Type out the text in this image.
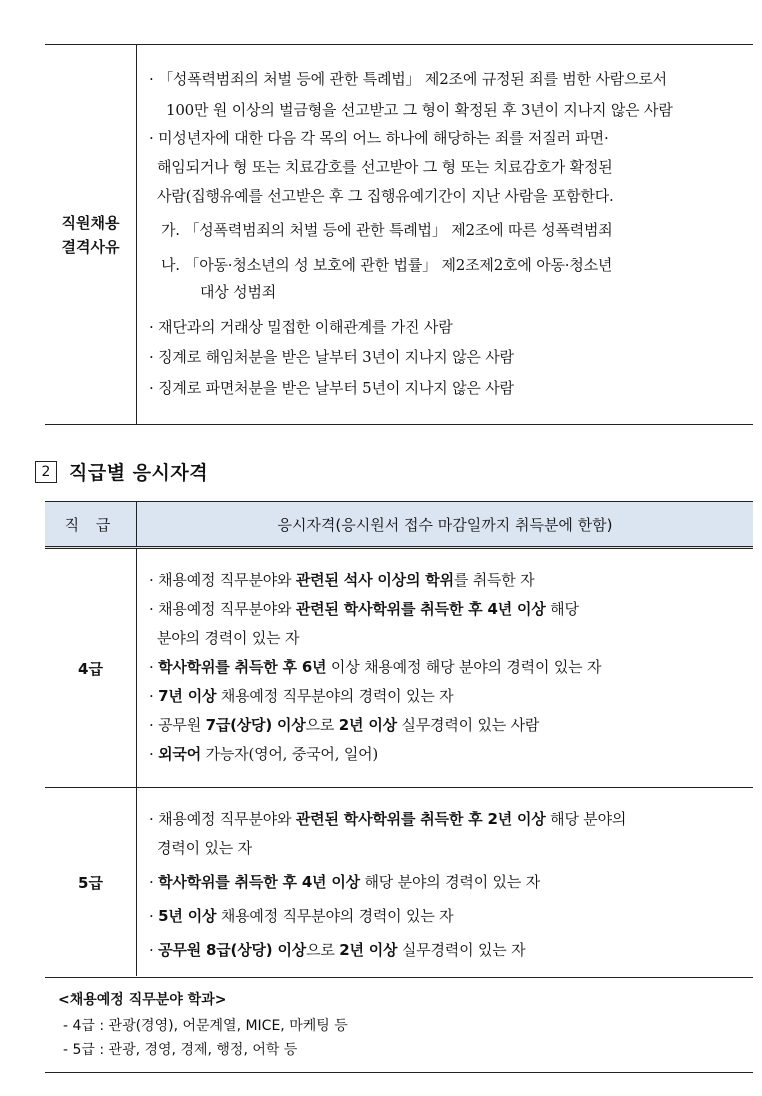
직원채용
결격사유
· 「성폭력범죄의 처벌 등에 관한 특례법」 제2조에 규정된 죄를 범한 사람으로서
100만 원 이상의 벌금형을 선고받고 그 형이 확정된 후 3년이 지나지 않은 사람
· 미성년자에 대한 다음 각 목의 어느 하나에 해당하는 죄를 저질러 파면·
해임되거나 형 또는 치료감호를 선고받아 그 형 또는 치료감호가 확정된
사람(집행유예를 선고받은 후 그 집행유예기간이 지난 사람을 포함한다.
가. 「성폭력범죄의 처벌 등에 관한 특례법」 제2조에 따른 성폭력범죄
나. 「아동·청소년의 성 보호에 관한 법률」 제2조제2호에 아동·청소년
대상 성범죄
· 재단과의 거래상 밀접한 이해관계를 가진 사람
· 징계로 해임처분을 받은 날부터 3년이 지나지 않은 사람
· 징계로 파면처분을 받은 날부터 5년이 지나지 않은 사람
2 직급별 응시자격
직 급	응시자격(응시원서 접수 마감일까지 취득분에 한함)
4급
· 채용예정 직무분야와 관련된 석사 이상의 학위를 취득한 자
· 채용예정 직무분야와 관련된 학사학위를 취득한 후 4년 이상 해당
분야의 경력이 있는 자
· 학사학위를 취득한 후 6년 이상 채용예정 해당 분야의 경력이 있는 자
· 7년 이상 채용예정 직무분야의 경력이 있는 자
· 공무원 7급(상당) 이상으로 2년 이상 실무경력이 있는 사람
· 외국어 가능자(영어, 중국어, 일어)
5급
· 채용예정 직무분야와 관련된 학사학위를 취득한 후 2년 이상 해당 분야의
경력이 있는 자
· 학사학위를 취득한 후 4년 이상 해당 분야의 경력이 있는 자
· 5년 이상 채용예정 직무분야의 경력이 있는 자
· 공무원 8급(상당) 이상으로 2년 이상 실무경력이 있는 자
<채용예정 직무분야 학과>
- 4급 : 관광(경영), 어문계열, MICE, 마케팅 등
- 5급 : 관광, 경영, 경제, 행정, 어학 등
